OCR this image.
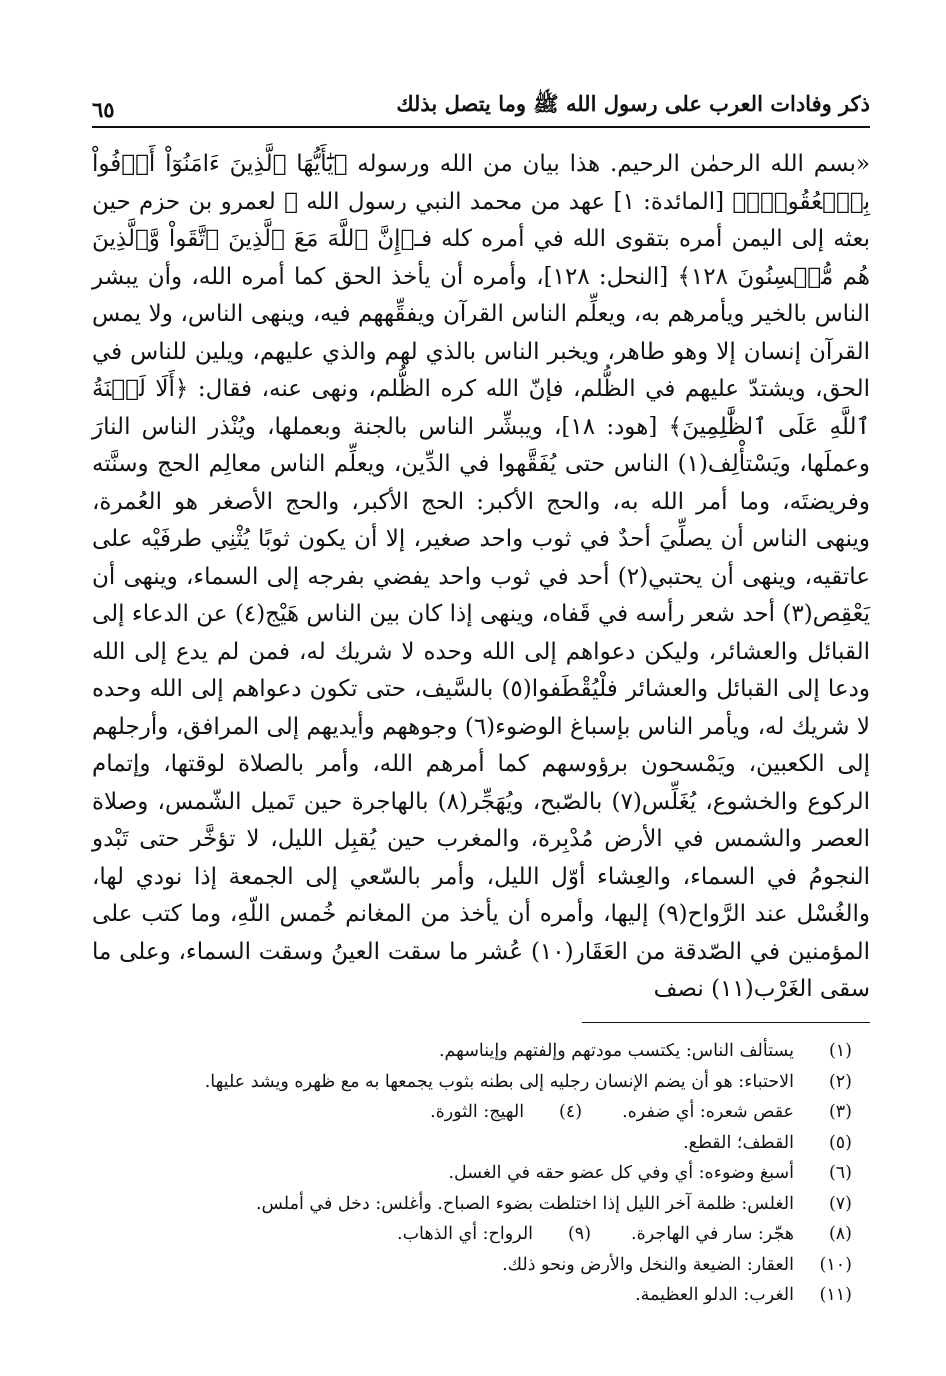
ذكر وفادات العرب على رسول الله ﷺ وما يتصل بذلك
٦٥

«بسم الله الرحمٰن الرحيم. هذا بيان من الله ورسوله ﴿يَٰٓأَيُّهَا ٱلَّذِينَ ءَامَنُوٓاْ أَوۡفُواْ بِٱلۡعُقُودِۚ﴾ [المائدة: ١] عهد من محمد النبي رسول الله ﷺ لعمرو بن حزم حين بعثه إلى اليمن أمره بتقوى الله في أمره كله فـ﴿إِنَّ ٱللَّهَ مَعَ ٱلَّذِينَ ٱتَّقَواْ وَّٱلَّذِينَ هُم مُّحۡسِنُونَ ١٢٨﴾ [النحل: ١٢٨]، وأمره أن يأخذ الحق كما أمره الله، وأن يبشر الناس بالخير ويأمرهم به، ويعلِّم الناس القرآن ويفقِّههم فيه، وينهى الناس، ولا يمس القرآن إنسان إلا وهو طاهر، ويخبر الناس بالذي لهم والذي عليهم، ويلين للناس في الحق، ويشتدّ عليهم في الظُّلم، فإنّ الله كره الظُّلم، ونهى عنه، فقال: ﴿أَلَا لَعۡنَةُ ٱللَّهِ عَلَى ٱلظَّٰلِمِينَ﴾ [هود: ١٨]، ويبشِّر الناس بالجنة وبعملها، ويُنْذر الناس النارَ وعملَها، ويَسْتأْلِف(١) الناس حتى يُفَقَّهوا في الدِّين، ويعلِّم الناس معالِم الحج وسنَّته وفريضتَه، وما أمر الله به، والحج الأكبر: الحج الأكبر، والحج الأصغر هو العُمرة، وينهى الناس أن يصلِّيَ أحدٌ في ثوب واحد صغير، إلا أن يكون ثوبًا يُثْنِي طرفَيْه على عاتقيه، وينهى أن يحتبي(٢) أحد في ثوب واحد يفضي بفرجه إلى السماء، وينهى أن يَعْقِص(٣) أحد شعر رأسه في قَفاه، وينهى إذا كان بين الناس هَيْج(٤) عن الدعاء إلى القبائل والعشائر، وليكن دعواهم إلى الله وحده لا شريك له، فمن لم يدع إلى الله ودعا إلى القبائل والعشائر فلْيُقْطَفوا(٥) بالسَّيف، حتى تكون دعواهم إلى الله وحده لا شريك له، ويأمر الناس بإسباغ الوضوء(٦) وجوههم وأيديهم إلى المرافق، وأرجلهم إلى الكعبين، ويَمْسحون برؤوسهم كما أمرهم الله، وأمر بالصلاة لوقتها، وإتمام الركوع والخشوع، يُغَلِّس(٧) بالصّبح، ويُهَجِّر(٨) بالهاجرة حين تَميل الشّمس، وصلاة العصر والشمس في الأرض مُدْبِرة، والمغرب حين يُقبِل الليل، لا تؤخَّر حتى تَبْدو النجومُ في السماء، والعِشاء أوّل الليل، وأمر بالسّعي إلى الجمعة إذا نودي لها، والغُسْل عند الرَّواح(٩) إليها، وأمره أن يأخذ من المغانم خُمس اللّهِ، وما كتب على المؤمنين في الصّدقة من العَقَار(١٠) عُشر ما سقت العينُ وسقت السماء، وعلى ما سقى الغَرْب(١١) نصف

(١)
يستألف الناس: يكتسب مودتهم وإلفتهم وإيناسهم.
(٢)
الاحتباء: هو أن يضم الإنسان رجليه إلى بطنه بثوب يجمعها به مع ظهره ويشد عليها.
(٣)
عقص شعره: أي ضفره.
(٤)
الهيج: الثورة.
(٥)
القطف؛ القطع.
(٦)
أسبغ وضوءه: أي وفي كل عضو حقه في الغسل.
(٧)
الغلس: ظلمة آخر الليل إذا اختلطت بضوء الصباح. وأغلس: دخل في أملس.
(٨)
هجّر: سار في الهاجرة.
(٩)
الرواح: أي الذهاب.
(١٠)
العقار: الضيعة والنخل والأرض ونحو ذلك.
(١١)
الغرب: الدلو العظيمة.
